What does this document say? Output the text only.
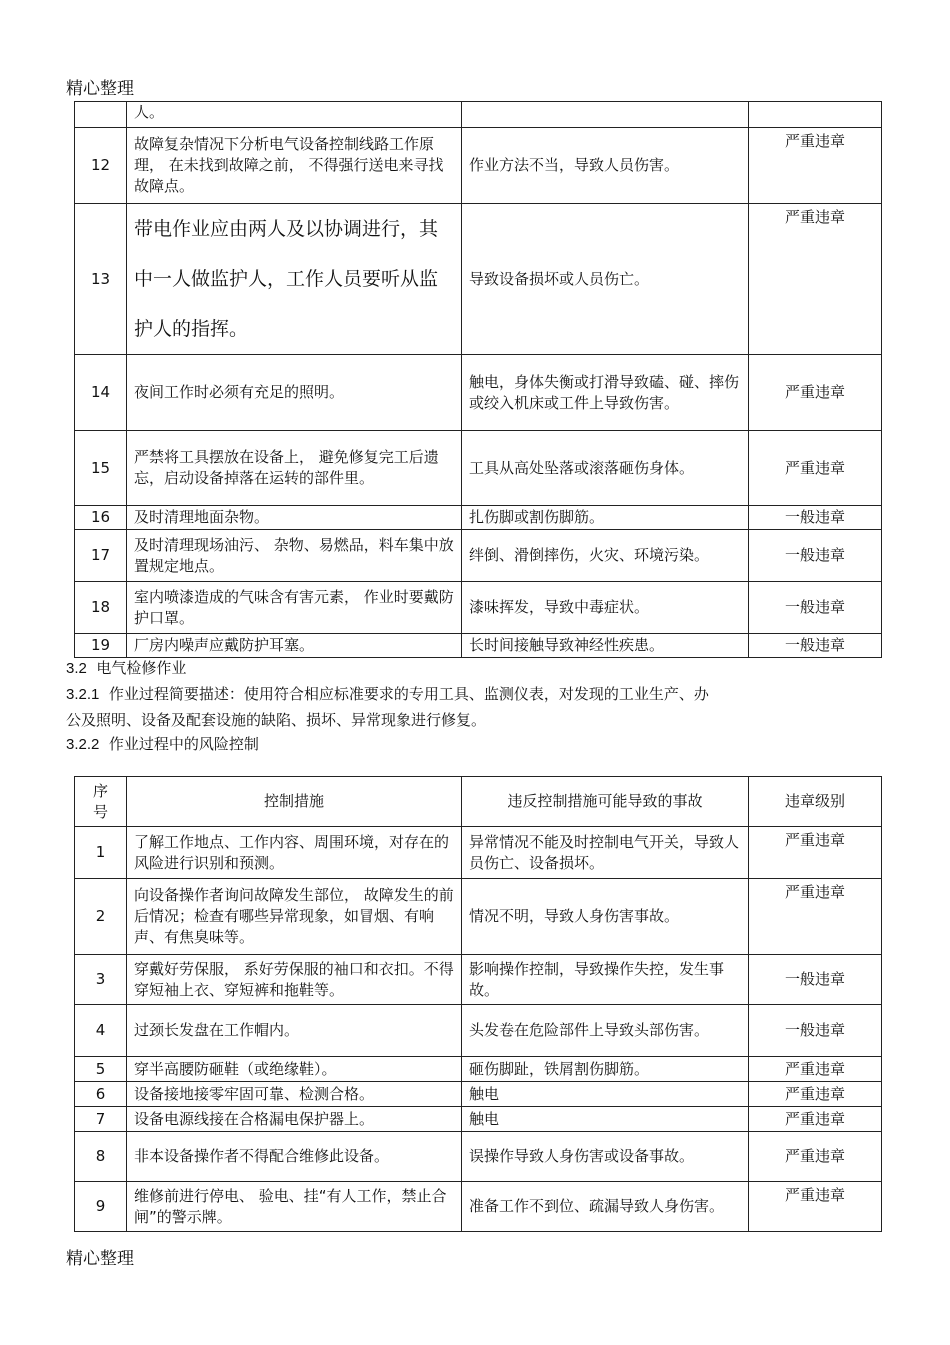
精心整理
	人。		
12	故障复杂情况下分析电气设备控制线路工作原理， 在未找到故障之前， 不得强行送电来寻找故障点。	作业方法不当，导致人员伤害。	严重违章
13	带电作业应由两人及以协调进行，其中一人做监护人，工作人员要听从监护人的指挥。	导致设备损坏或人员伤亡。	严重违章
14	夜间工作时必须有充足的照明。	触电，身体失衡或打滑导致磕、碰、摔伤或绞入机床或工件上导致伤害。	严重违章
15	严禁将工具摆放在设备上， 避免修复完工后遗忘，启动设备掉落在运转的部件里。	工具从高处坠落或滚落砸伤身体。	严重违章
16	及时清理地面杂物。	扎伤脚或割伤脚筋。	一般违章
17	及时清理现场油污、 杂物、易燃品，料车集中放置规定地点。	绊倒、滑倒摔伤，火灾、环境污染。	一般违章
18	室内喷漆造成的气味含有害元素， 作业时要戴防护口罩。	漆味挥发，导致中毒症状。	一般违章
19	厂房内噪声应戴防护耳塞。	长时间接触导致神经性疾患。	一般违章
3.2 电气检修作业
3.2.1 作业过程简要描述：使用符合相应标准要求的专用工具、监测仪表，对发现的工业生产、办
公及照明、设备及配套设施的缺陷、损坏、异常现象进行修复。
3.2.2 作业过程中的风险控制
序号	控制措施	违反控制措施可能导致的事故	违章级别
1	了解工作地点、工作内容、周围环境，对存在的风险进行识别和预测。	异常情况不能及时控制电气开关，导致人员伤亡、设备损坏。	严重违章
2	向设备操作者询问故障发生部位， 故障发生的前后情况；检查有哪些异常现象，如冒烟、有响声、有焦臭味等。	情况不明，导致人身伤害事故。	严重违章
3	穿戴好劳保服， 系好劳保服的袖口和衣扣。不得穿短袖上衣、穿短裤和拖鞋等。	影响操作控制，导致操作失控，发生事故。	一般违章
4	过颈长发盘在工作帽内。	头发卷在危险部件上导致头部伤害。	一般违章
5	穿半高腰防砸鞋（或绝缘鞋）。	砸伤脚趾，铁屑割伤脚筋。	严重违章
6	设备接地接零牢固可靠、检测合格。	触电	严重违章
7	设备电源线接在合格漏电保护器上。	触电	严重违章
8	非本设备操作者不得配合维修此设备。	误操作导致人身伤害或设备事故。	严重违章
9	维修前进行停电、 验电、挂“有人工作，禁止合闸”的警示牌。	准备工作不到位、疏漏导致人身伤害。	严重违章
精心整理
